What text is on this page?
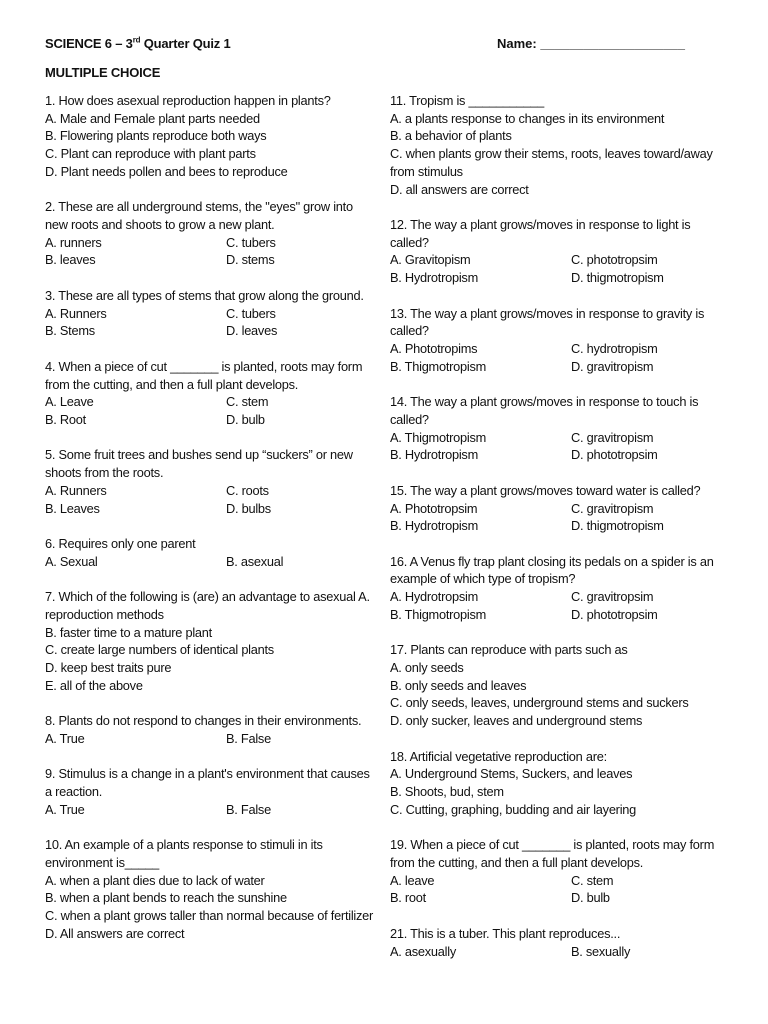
SCIENCE 6 – 3rd Quarter Quiz 1	Name: ____________________
MULTIPLE CHOICE
1. How does asexual reproduction happen in plants?
A. Male and Female plant parts needed
B. Flowering plants reproduce both ways
C. Plant can reproduce with plant parts
D. Plant needs pollen and bees to reproduce
2. These are all underground stems, the "eyes" grow into
new roots and shoots to grow a new plant.
A. runners	C. tubers
B. leaves	D. stems
3. These are all types of stems that grow along the ground.
A. Runners	C. tubers
B. Stems	D. leaves
4. When a piece of cut _______ is planted, roots may form
from the cutting, and then a full plant develops.
A. Leave	C. stem
B. Root	D. bulb
5. Some fruit trees and bushes send up “suckers” or new
shoots from the roots.
A. Runners	C. roots
B. Leaves	D. bulbs
6. Requires only one parent
A. Sexual	B. asexual
7. Which of the following is (are) an advantage to asexual A.
reproduction methods
B. faster time to a mature plant
C. create large numbers of identical plants
D. keep best traits pure
E. all of the above
8. Plants do not respond to changes in their environments.
A. True	B. False
9. Stimulus is a change in a plant's environment that causes
a reaction.
A. True	B. False
10. An example of a plants response to stimuli in its
environment is_____
A. when a plant dies due to lack of water
B. when a plant bends to reach the sunshine
C. when a plant grows taller than normal because of fertilizer
D. All answers are correct
11. Tropism is ___________
A. a plants response to changes in its environment
B. a behavior of plants
C. when plants grow their stems, roots, leaves toward/away
from stimulus
D. all answers are correct
12. The way a plant grows/moves in response to light is
called?
A. Gravitopism	C. phototropsim
B. Hydrotropism	D. thigmotropism
13. The way a plant grows/moves in response to gravity is
called?
A. Phototropims	C. hydrotropism
B. Thigmotropism	D. gravitropism
14. The way a plant grows/moves in response to touch is
called?
A. Thigmotropism	C. gravitropism
B. Hydrotropism	D. phototropsim
15. The way a plant grows/moves toward water is called?
A. Phototropsim	C. gravitropism
B. Hydrotropism	D. thigmotropism
16. A Venus fly trap plant closing its pedals on a spider is an
example of which type of tropism?
A. Hydrotropsim	C. gravitropsim
B. Thigmotropism	D. phototropsim
17. Plants can reproduce with parts such as
A. only seeds
B. only seeds and leaves
C. only seeds, leaves, underground stems and suckers
D. only sucker, leaves and underground stems
18. Artificial vegetative reproduction are:
A. Underground Stems, Suckers, and leaves
B. Shoots, bud, stem
C. Cutting, graphing, budding and air layering
19. When a piece of cut _______ is planted, roots may form
from the cutting, and then a full plant develops.
A. leave	C. stem
B. root	D. bulb
21. This is a tuber. This plant reproduces...
A. asexually	B. sexually
